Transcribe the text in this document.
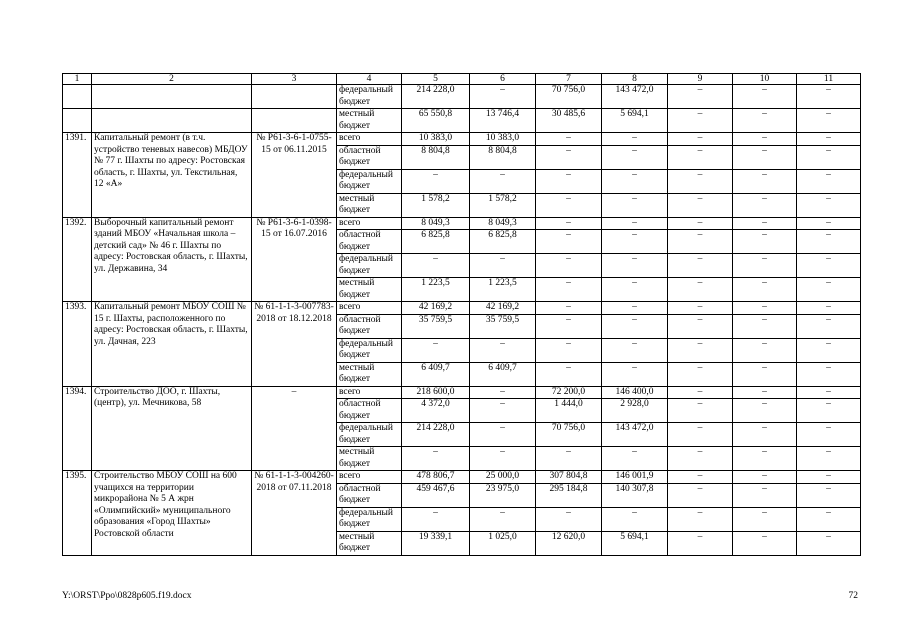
1	2	3	4	5	6	7	8	9	10	11
			федеральный бюджет	214 228,0	–	70 756,0	143 472,0	–	–	–
			местный бюджет	65 550,8	13 746,4	30 485,6	5 694,1	–	–	–
1391.	Капитальный ремонт (в т.ч. устройство теневых навесов) МБДОУ № 77 г. Шахты по адресу: Ростовская область, г. Шахты, ул. Текстильная, 12 «А»	№ Р61-3-6-1-0755-15 от 06.11.2015	всего	10 383,0	10 383,0	–	–	–	–	–
			областной бюджет	8 804,8	8 804,8	–	–	–	–	–
			федеральный бюджет	–	–	–	–	–	–	–
			местный бюджет	1 578,2	1 578,2	–	–	–	–	–
1392.	Выборочный капитальный ремонт зданий МБОУ «Начальная школа – детский сад» № 46 г. Шахты по адресу: Ростовская область, г. Шахты, ул. Державина, 34	№ Р61-3-6-1-0398-15 от 16.07.2016	всего	8 049,3	8 049,3	–	–	–	–	–
			областной бюджет	6 825,8	6 825,8	–	–	–	–	–
			федеральный бюджет	–	–	–	–	–	–	–
			местный бюджет	1 223,5	1 223,5	–	–	–	–	–
1393.	Капитальный ремонт МБОУ СОШ № 15 г. Шахты, расположенного по адресу: Ростовская область, г. Шахты, ул. Дачная, 223	№ 61-1-1-3-007783-2018 от 18.12.2018	всего	42 169,2	42 169,2	–	–	–	–	–
			областной бюджет	35 759,5	35 759,5	–	–	–	–	–
			федеральный бюджет	–	–	–	–	–	–	–
			местный бюджет	6 409,7	6 409,7	–	–	–	–	–
1394.	Строительство ДОО, г. Шахты, (центр), ул. Мечникова, 58	–	всего	218 600,0	–	72 200,0	146 400,0	–	–	–
			областной бюджет	4 372,0	–	1 444,0	2 928,0	–	–	–
			федеральный бюджет	214 228,0	–	70 756,0	143 472,0	–	–	–
			местный бюджет	–	–	–	–	–	–	–
1395.	Строительство МБОУ СОШ на 600 учащихся на территории микрорайона № 5 А жрн «Олимпийский» муниципального образования «Город Шахты» Ростовской области	№ 61-1-1-3-004260-2018 от 07.11.2018	всего	478 806,7	25 000,0	307 804,8	146 001,9	–	–	–
			областной бюджет	459 467,6	23 975,0	295 184,8	140 307,8	–	–	–
			федеральный бюджет	–	–	–	–	–	–	–
			местный бюджет	19 339,1	1 025,0	12 620,0	5 694,1	–	–	–
Y:\ORST\Ppo\0828p605.f19.docx	72
